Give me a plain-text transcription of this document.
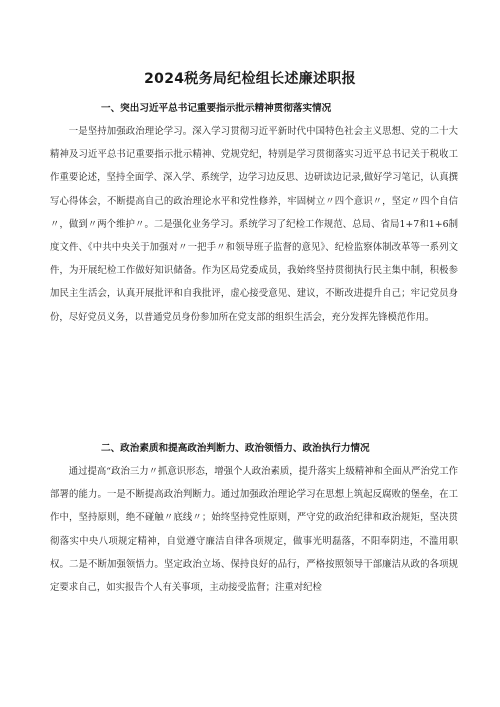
2024税务局纪检组长述廉述职报
一、突出习近平总书记重要指示批示精神贯彻落实情况

一是坚持加强政治理论学习。深入学习贯彻习近平新时代中国特色社会主义思想、党的二十大精神及习近平总书记重要指示批示精神、党规党纪，特别是学习贯彻落实习近平总书记关于税收工作重要论述，坚持全面学、深入学、系统学，边学习边反思、边研读边记录,做好学习笔记，认真撰写心得体会，不断提高自己的政治理论水平和党性修养，牢固树立〃四个意识〃，坚定〃四个自信〃，做到〃两个维护〃。二是强化业务学习。系统学习了纪检工作规范、总局、省局1+7和1+6制度文件、《中共中央关于加强对〃一把手〃和领导班子监督的意见》、纪检监察体制改革等一系列文件，为开展纪检工作做好知识储备。作为区局党委成员，我始终坚持贯彻执行民主集中制，积极参加民主生活会，认真开展批评和自我批评，虚心接受意见、建议，不断改进提升自己；牢记党员身份，尽好党员义务，以普通党员身份参加所在党支部的组织生活会，充分发挥先锋模范作用。

二、政治素质和提高政治判断力、政治领悟力、政治执行力情况

通过提高“政治三力〃抓意识形态，增强个人政治素质，提升落实上级精神和全面从严治党工作部署的能力。一是不断提高政治判断力。通过加强政治理论学习在思想上筑起反腐败的堡垒，在工作中，坚持原则，绝不碰触〃底线〃；始终坚持党性原则，严守党的政治纪律和政治规矩，坚决贯彻落实中央八项规定精神，自觉遵守廉洁自律各项规定，做事光明磊落，不阳奉阴违，不滥用职权。二是不断加强领悟力。坚定政治立场、保持良好的品行，严格按照领导干部廉洁从政的各项规定要求自己，如实报告个人有关事项，主动接受监督；注重对纪检
